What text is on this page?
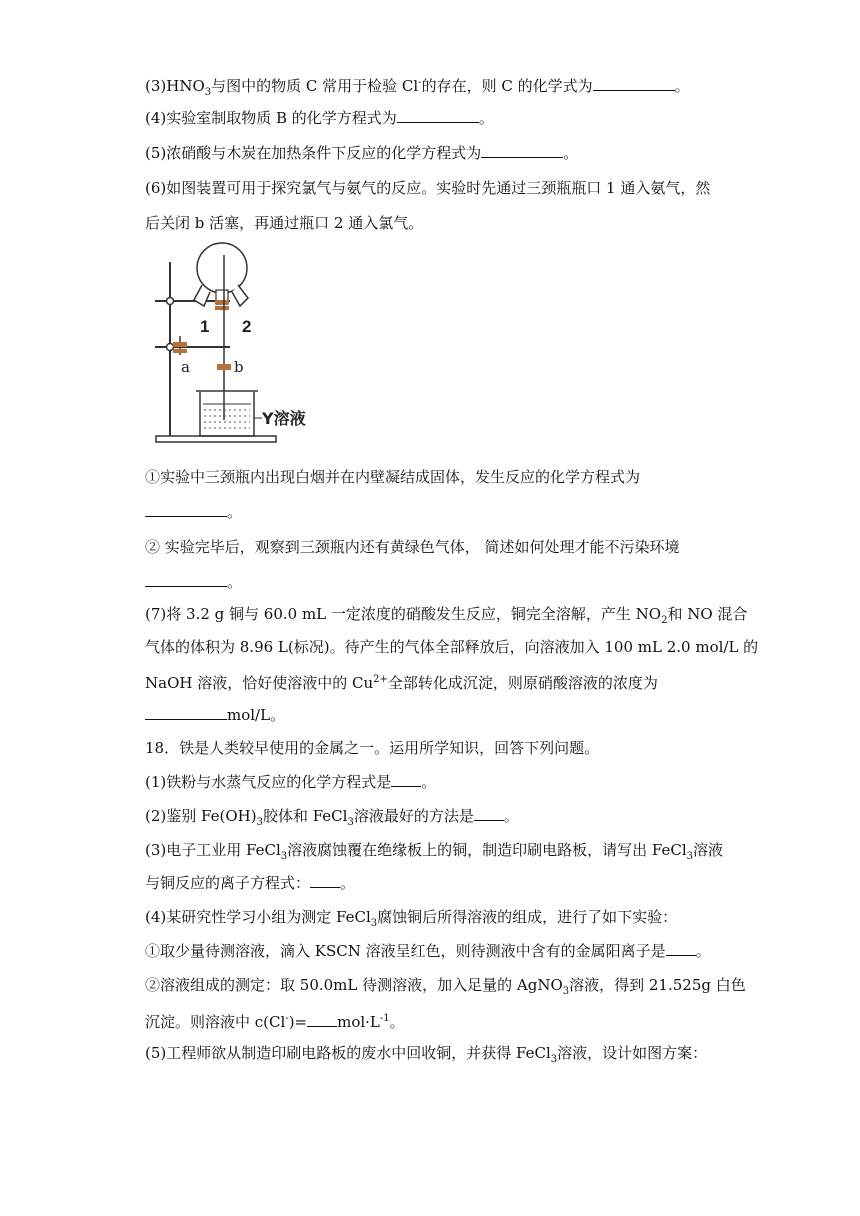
$(3)HNO_3$与图中的物质 C 常用于检验 Cl-的存在，则 C 的化学式为	。
(4)实验室制取物质 B 的化学方程式为	。
(5)浓硝酸与木炭在加热条件下反应的化学方程式为	。
(6)如图装置可用于探究氯气与氨气的反应。实验时先通过三颈瓶瓶口 1 通入氨气，然
后关闭 b 活塞，再通过瓶口 2 通入氯气。
1 2
a	b
Y溶液
①实验中三颈瓶内出现白烟并在内壁凝结成固体，发生反应的化学方程式为
。
② 实验完毕后，观察到三颈瓶内还有黄绿色气体， 简述如何处理才能不污染环境
。
(7)将 3.2 g 铜与 60.0 mL 一定浓度的硝酸发生反应，铜完全溶解，产生 $NO_2$和 NO 混合
气体的体积为 8.96 L(标况)。待产生的气体全部释放后，向溶液加入 100 mL 2.0 mol/L 的
NaOH 溶液，恰好使溶液中的 $Cu^{2+}$全部转化成沉淀，则原硝酸溶液的浓度为
mol/L。
18．铁是人类较早使用的金属之一。运用所学知识，回答下列问题。
(1)铁粉与水蒸气反应的化学方程式是 。
(2)鉴别 $Fe(OH)_3$胶体和 FeCl$_3$溶液最好的方法是 。
(3)电子工业用 FeCl$_3$溶液腐蚀覆在绝缘板上的铜，制造印刷电路板，请写出 FeCl$_3$溶液
与铜反应的离子方程式： 。
(4)某研究性学习小组为测定 FeCl$_3$腐蚀铜后所得溶液的组成，进行了如下实验：
①取少量待测溶液，滴入 KSCN 溶液呈红色，则待测液中含有的金属阳离子是 。
②溶液组成的测定：取 50.0mL 待测溶液，加入足量的 AgNO$_3$溶液，得到 21.525g 白色
沉淀。则溶液中 $c(Cl^-)= mol\cdot L^{-1}$。
(5)工程师欲从制造印刷电路板的废水中回收铜，并获得 FeCl$_3$溶液，设计如图方案：
